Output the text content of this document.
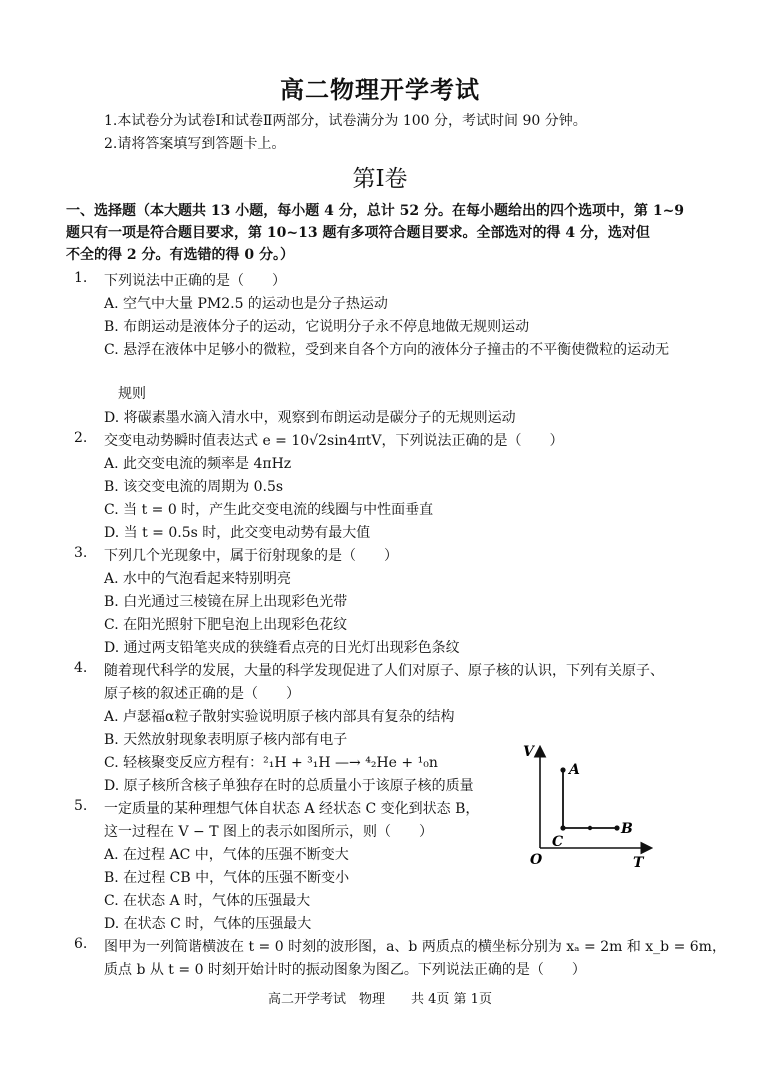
高二物理开学考试
1.本试卷分为试卷Ⅰ和试卷Ⅱ两部分，试卷满分为 100 分，考试时间 90 分钟。
2.请将答案填写到答题卡上。
第Ⅰ卷
一、选择题（本大题共 13 小题，每小题 4 分，总计 52 分。在每小题给出的四个选项中，第 1~9
题只有一项是符合题目要求，第 10~13 题有多项符合题目要求。全部选对的得 4 分，选对但
不全的得 2 分。有选错的得 0 分。）
1. 下列说法中正确的是（　　）
A. 空气中大量 PM2.5 的运动也是分子热运动
B. 布朗运动是液体分子的运动，它说明分子永不停息地做无规则运动
C. 悬浮在液体中足够小的微粒，受到来自各个方向的液体分子撞击的不平衡使微粒的运动无
　规则
D. 将碳素墨水滴入清水中，观察到布朗运动是碳分子的无规则运动
2. 交变电动势瞬时值表达式 e = 10√2sin4πtV，下列说法正确的是（　　）
A. 此交变电流的频率是 4πHz
B. 该交变电流的周期为 0.5s
C. 当 t = 0 时，产生此交变电流的线圈与中性面垂直
D. 当 t = 0.5s 时，此交变电动势有最大值
3. 下列几个光现象中，属于衍射现象的是（　　）
A. 水中的气泡看起来特别明亮
B. 白光通过三棱镜在屏上出现彩色光带
C. 在阳光照射下肥皂泡上出现彩色花纹
D. 通过两支铅笔夹成的狭缝看点亮的日光灯出现彩色条纹
4. 随着现代科学的发展，大量的科学发现促进了人们对原子、原子核的认识，下列有关原子、
原子核的叙述正确的是（　　）
A. 卢瑟福α粒子散射实验说明原子核内部具有复杂的结构
B. 天然放射现象表明原子核内部有电子
C. 轻核聚变反应方程有：²₁H + ³₁H —→ ⁴₂He + ¹₀n
D. 原子核所含核子单独存在时的总质量小于该原子核的质量
5. 一定质量的某种理想气体自状态 A 经状态 C 变化到状态 B，
这一过程在 V − T 图上的表示如图所示，则（　　）
A. 在过程 AC 中，气体的压强不断变大
B. 在过程 CB 中，气体的压强不断变小
C. 在状态 A 时，气体的压强最大
D. 在状态 C 时，气体的压强最大
6. 图甲为一列简谐横波在 t = 0 时刻的波形图，a、b 两质点的横坐标分别为 xₐ = 2m 和 x_b = 6m，
质点 b 从 t = 0 时刻开始计时的振动图象为图乙。下列说法正确的是（　　）
V
T
O
A
B
C
高二开学考试　物理　　共 4页 第 1页
